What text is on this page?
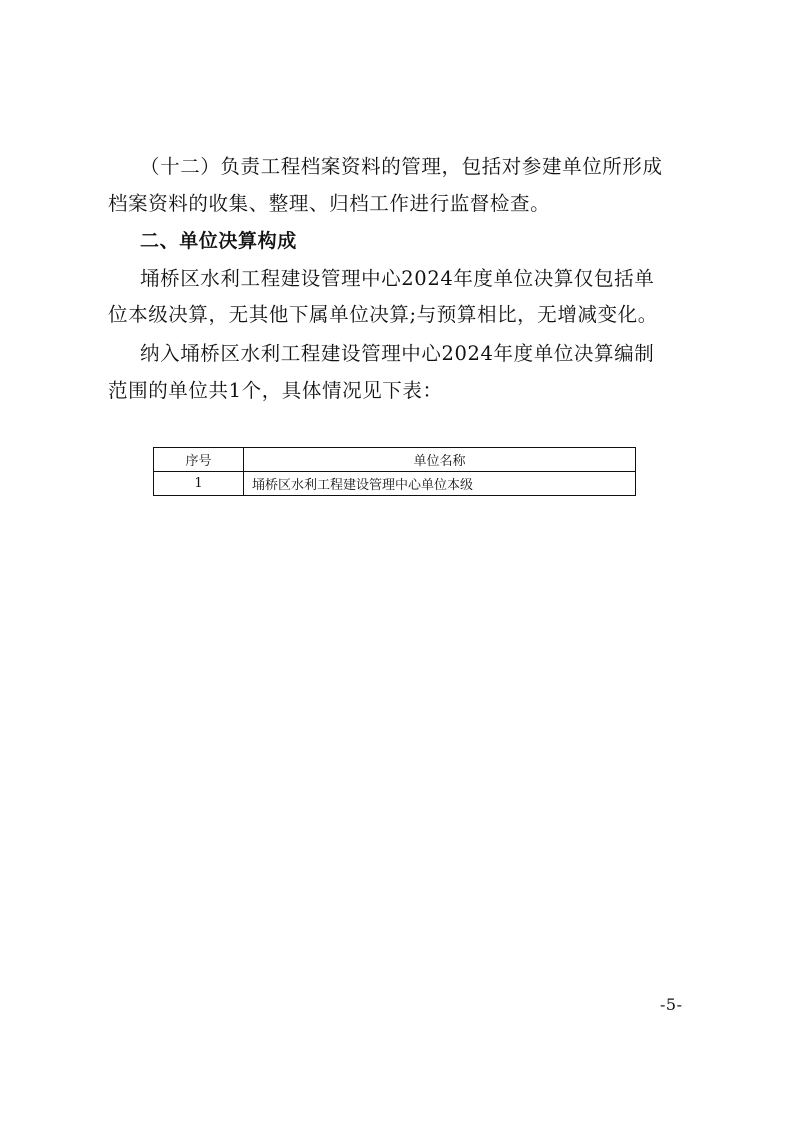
（十二）负责工程档案资料的管理，包括对参建单位所形成
档案资料的收集、整理、归档工作进行监督检查。
二、单位决算构成
埇桥区水利工程建设管理中心2024年度单位决算仅包括单
位本级决算，无其他下属单位决算;与预算相比，无增减变化。
纳入埇桥区水利工程建设管理中心2024年度单位决算编制
范围的单位共1个，具体情况见下表：
序号	单位名称
1	埇桥区水利工程建设管理中心单位本级
-5-
